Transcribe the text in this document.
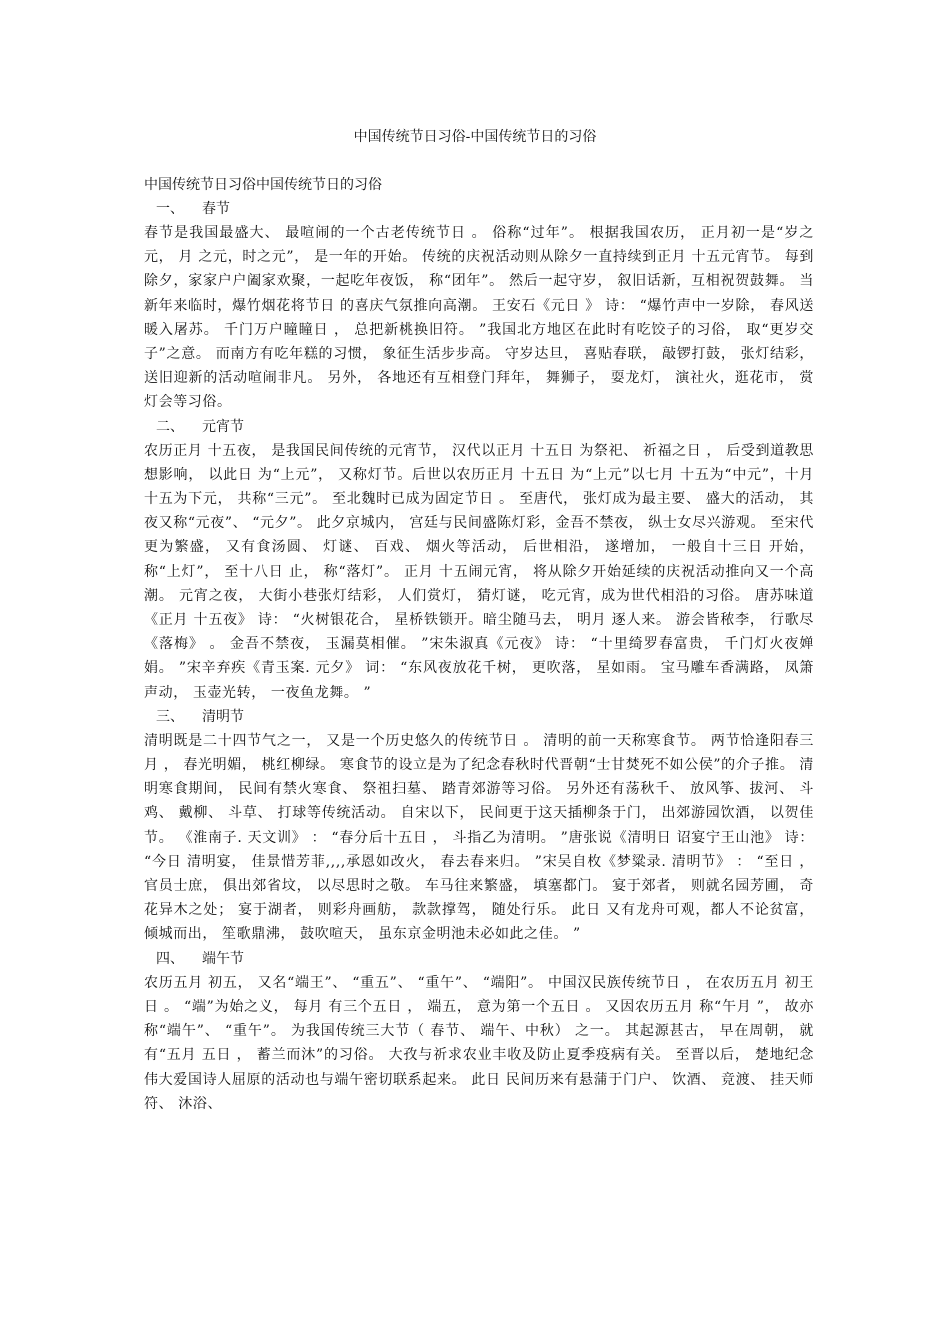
中国传统节日习俗-中国传统节日的习俗

中国传统节日习俗中国传统节日的习俗

一、 春节

春节是我国最盛大、 最喧闹的一个古老传统节日 。 俗称“过年”。 根据我国农历， 正月初一是“岁之元， 月 之元，时之元”， 是一年的开始。 传统的庆祝活动则从除夕一直持续到正月 十五元宵节。 每到除夕，家家户户阖家欢聚，一起吃年夜饭， 称“团年”。 然后一起守岁， 叙旧话新，互相祝贺鼓舞。 当新年来临时，爆竹烟花将节日 的喜庆气氛推向高潮。 王安石《元日 》 诗： “爆竹声中一岁除， 春风送暖入屠苏。 千门万户瞳瞳日 ， 总把新桃换旧符。 ”我国北方地区在此时有吃饺子的习俗， 取“更岁交子”之意。 而南方有吃年糕的习惯， 象征生活步步高。 守岁达旦， 喜贴春联， 敲锣打鼓， 张灯结彩， 送旧迎新的活动喧闹非凡。 另外， 各地还有互相登门拜年， 舞狮子， 耍龙灯， 演社火，逛花市， 赏灯会等习俗。

二、 元宵节

农历正月 十五夜， 是我国民间传统的元宵节， 汉代以正月 十五日 为祭祀、 祈福之日 ， 后受到道教思想影响， 以此日 为“上元”， 又称灯节。后世以农历正月 十五日 为“上元”以七月 十五为“中元”，十月 十五为下元， 共称“三元”。 至北魏时已成为固定节日 。 至唐代， 张灯成为最主要、 盛大的活动， 其夜又称“元夜”、 “元夕”。 此夕京城内， 宫廷与民间盛陈灯彩，金吾不禁夜， 纵士女尽兴游观。 至宋代更为繁盛， 又有食汤圆、 灯谜、 百戏、 烟火等活动， 后世相沿， 遂增加， 一般自十三日 开始， 称“上灯”， 至十八日 止， 称“落灯”。 正月 十五闹元宵， 将从除夕开始延续的庆祝活动推向又一个高潮。 元宵之夜， 大街小巷张灯结彩， 人们赏灯， 猜灯谜， 吃元宵，成为世代相沿的习俗。 唐苏味道《正月 十五夜》 诗： “火树银花合， 星桥铁锁开。暗尘随马去， 明月 逐人来。 游会皆秾李， 行歌尽《落梅》 。 金吾不禁夜， 玉漏莫相催。 ”宋朱淑真《元夜》 诗： “十里绮罗春富贵， 千门灯火夜婵娟。 ”宋辛弃疾《青玉案. 元夕》 词： “东风夜放花千树， 更吹落， 星如雨。 宝马雕车香满路， 凤箫声动， 玉壶光转， 一夜鱼龙舞。 ”

三、 清明节

清明既是二十四节气之一， 又是一个历史悠久的传统节日 。 清明的前一天称寒食节。 两节恰逢阳春三月 ， 春光明媚， 桃红柳绿。 寒食节的设立是为了纪念春秋时代晋朝“士甘焚死不如公侯”的介子推。 清明寒食期间， 民间有禁火寒食、 祭祖扫墓、 踏青郊游等习俗。 另外还有荡秋千、 放风筝、拔河、 斗鸡、 戴柳、 斗草、 打球等传统活动。 自宋以下， 民间更于这天插柳条于门， 出郊游园饮酒， 以贺佳节。 《淮南子. 天文训》 ： “春分后十五日 ， 斗指乙为清明。 ”唐张说《清明日 诏宴宁王山池》 诗： “今日 清明宴， 佳景惜芳菲,,,,承恩如改火， 春去春来归。 ”宋吴自枚《梦粱录. 清明节》 ： “至日 ， 官员士庶， 俱出郊省坟， 以尽思时之敬。 车马往来繁盛， 填塞都门。 宴于郊者， 则就名园芳圃， 奇花异木之处； 宴于湖者， 则彩舟画舫， 款款撑驾， 随处行乐。 此日 又有龙舟可观，都人不论贫富， 倾城而出， 笙歌鼎沸， 鼓吹喧天， 虽东京金明池未必如此之佳。 ”

四、 端午节

农历五月 初五， 又名“端王”、 “重五”、 “重午”、 “端阳”。 中国汉民族传统节日 ， 在农历五月 初王日 。 “端”为始之义， 每月 有三个五日 ， 端五， 意为第一个五日 。 又因农历五月 称“午月 ”， 故亦称“端午”、 “重午”。 为我国传统三大节（ 春节、 端午、中秋） 之一。 其起源甚古， 早在周朝， 就有“五月 五日 ， 蓄兰而沐”的习俗。 大孜与祈求农业丰收及防止夏季疫病有关。 至晋以后， 楚地纪念伟大爱国诗人屈原的活动也与端午密切联系起来。 此日 民间历来有悬蒲于门户、 饮酒、 竞渡、 挂天师符、 沐浴、
